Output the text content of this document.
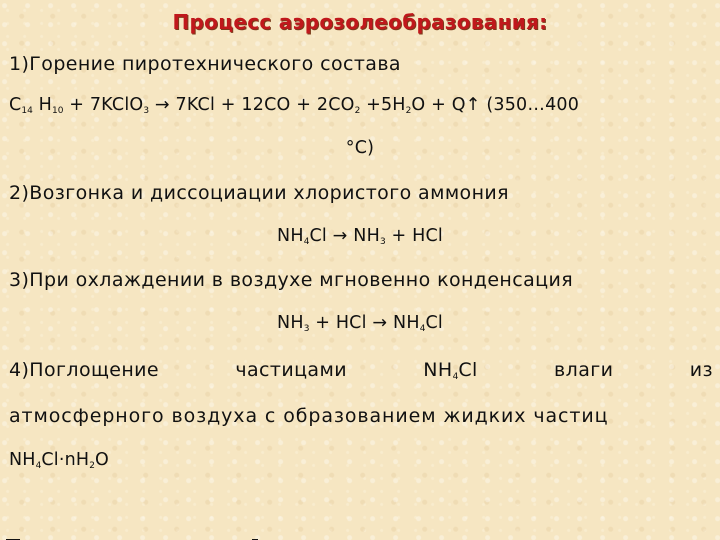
Процесс аэрозолеобразования:
1)Горение пиротехнического состава
$C_{14}$ $H_{10}$ + 7KClO$_3$ → $7KCl + 12CO + 2CO_2 +5H_2O$ + Q↑ (350…400
°C)
2)Возгонка и диссоциации хлористого аммония
$NH_4Cl \to NH_3$ + HCl
3)При охлаждении в воздухе мгновенно конденсация
$NH_3$ + HCl → $NH_4Cl$
4)Поглощение	частицами	$NH_4Cl$	влаги	из
атмосферного воздуха с образованием жидких частиц
$NH_4Cl\cdot nH_2O$
